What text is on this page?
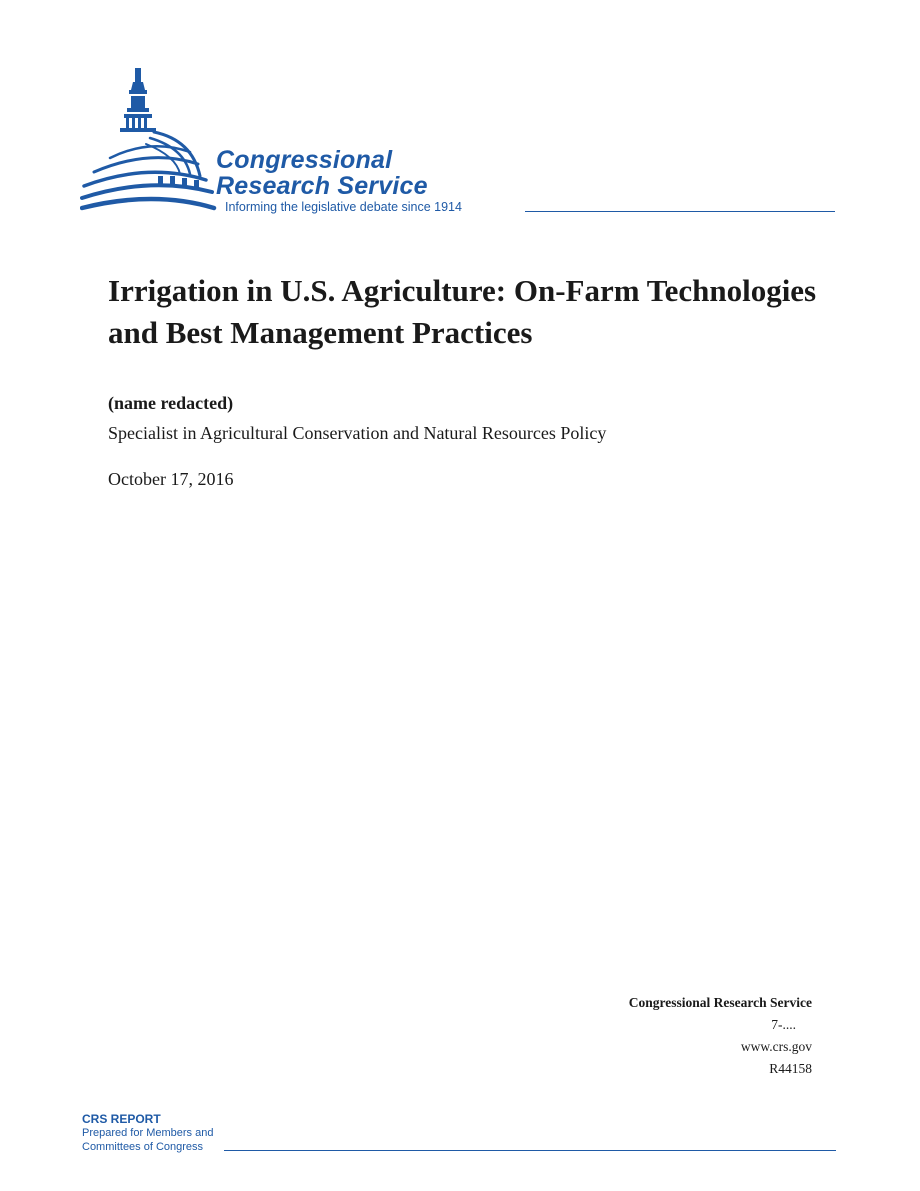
Congressional
Research Service
Informing the legislative debate since 1914
Irrigation in U.S. Agriculture: On-Farm Technologies and Best Management Practices
(name redacted)
Specialist in Agricultural Conservation and Natural Resources Policy
October 17, 2016
Congressional Research Service
7-....
www.crs.gov
R44158
CRS REPORT
Prepared for Members and
Committees of Congress
